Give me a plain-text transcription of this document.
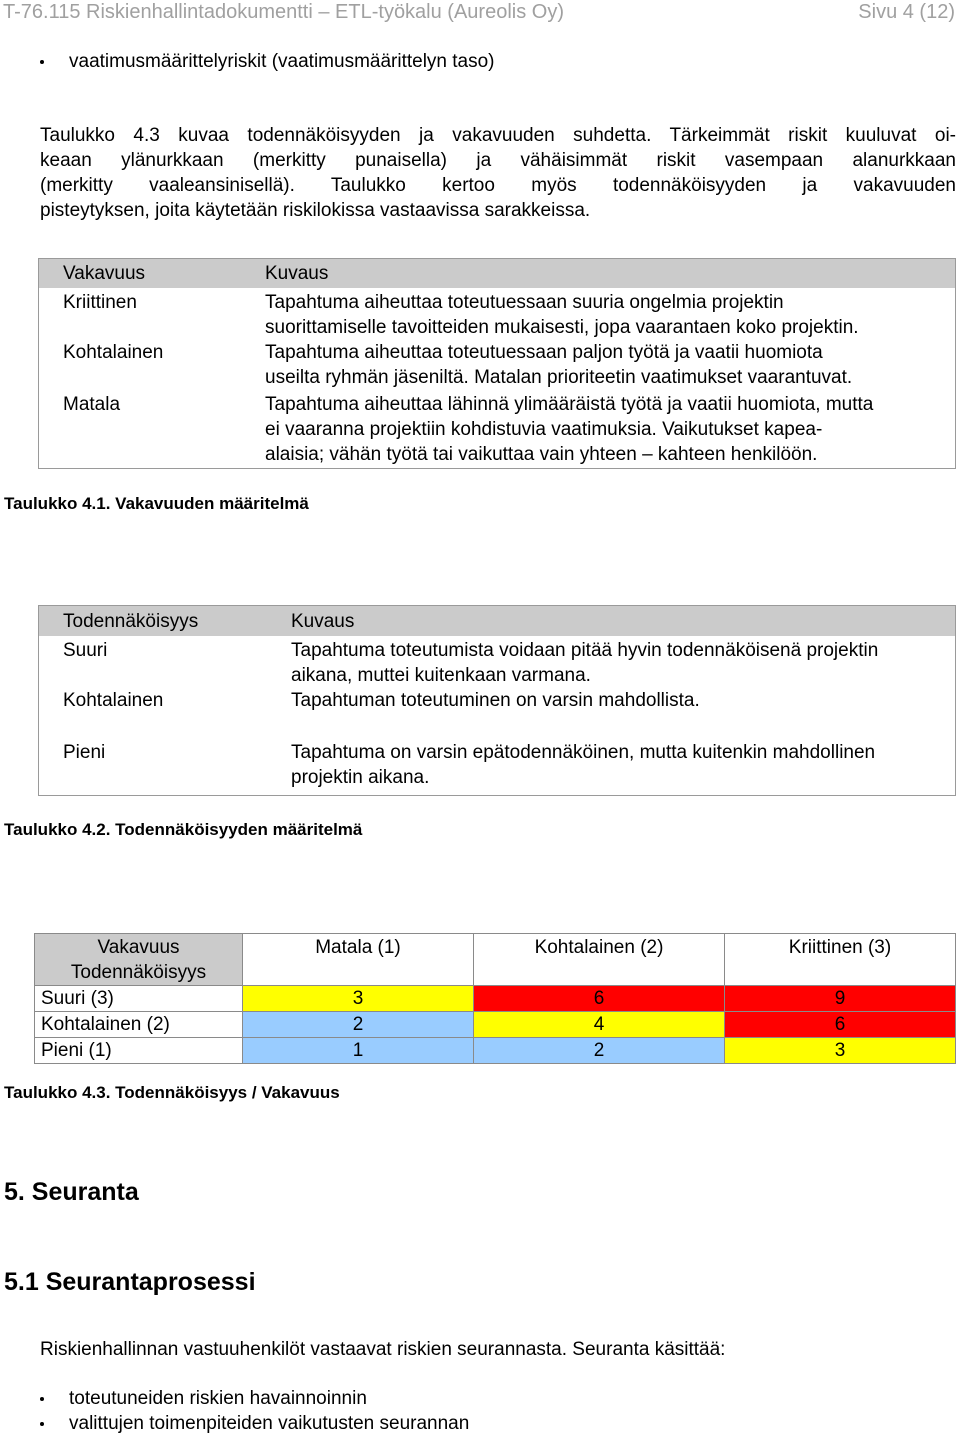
T-76.115 Riskienhallintadokumentti – ETL-työkalu (Aureolis Oy)	Sivu 4 (12)
vaatimusmäärittelyriskit (vaatimusmäärittelyn taso)
Taulukko 4.3 kuvaa todennäköisyyden ja vakavuuden suhdetta. Tärkeimmät riskit kuuluvat oi-
keaan ylänurkkaan (merkitty punaisella) ja vähäisimmät riskit vasempaan alanurkkaan
(merkitty vaaleansinisellä). Taulukko kertoo myös todennäköisyyden ja vakavuuden
pisteytyksen, joita käytetään riskilokissa vastaavissa sarakkeissa.
Vakavuus	Kuvaus
Kriittinen	Tapahtuma aiheuttaa toteutuessaan suuria ongelmia projektin
suorittamiselle tavoitteiden mukaisesti, jopa vaarantaen koko projektin.

Kohtalainen	Tapahtuma aiheuttaa toteutuessaan paljon työtä ja vaatii huomiota
useilta ryhmän jäseniltä. Matalan prioriteetin vaatimukset vaarantuvat.

Matala	Tapahtuma aiheuttaa lähinnä ylimääräistä työtä ja vaatii huomiota, mutta
ei vaaranna projektiin kohdistuvia vaatimuksia. Vaikutukset kapea-
alaisia; vähän työtä tai vaikuttaa vain yhteen – kahteen henkilöön.
Taulukko 4.1. Vakavuuden määritelmä
Todennäköisyys	Kuvaus
Suuri	Tapahtuma toteutumista voidaan pitää hyvin todennäköisenä projektin
aikana, muttei kuitenkaan varmana.

Kohtalainen	Tapahtuman toteutuminen on varsin mahdollista.

Pieni	Tapahtuma on varsin epätodennäköinen, mutta kuitenkin mahdollinen
projektin aikana.
Taulukko 4.2. Todennäköisyyden määritelmä
Vakavuus
Todennäköisyys	Matala (1)	Kohtalainen (2)	Kriittinen (3)
Suuri (3)	3	6	9
Kohtalainen (2)	2	4	6
Pieni (1)	1	2	3
Taulukko 4.3. Todennäköisyys / Vakavuus
5. Seuranta
5.1 Seurantaprosessi
Riskienhallinnan vastuuhenkilöt vastaavat riskien seurannasta. Seuranta käsittää:
toteutuneiden riskien havainnoinnin
valittujen toimenpiteiden vaikutusten seurannan
